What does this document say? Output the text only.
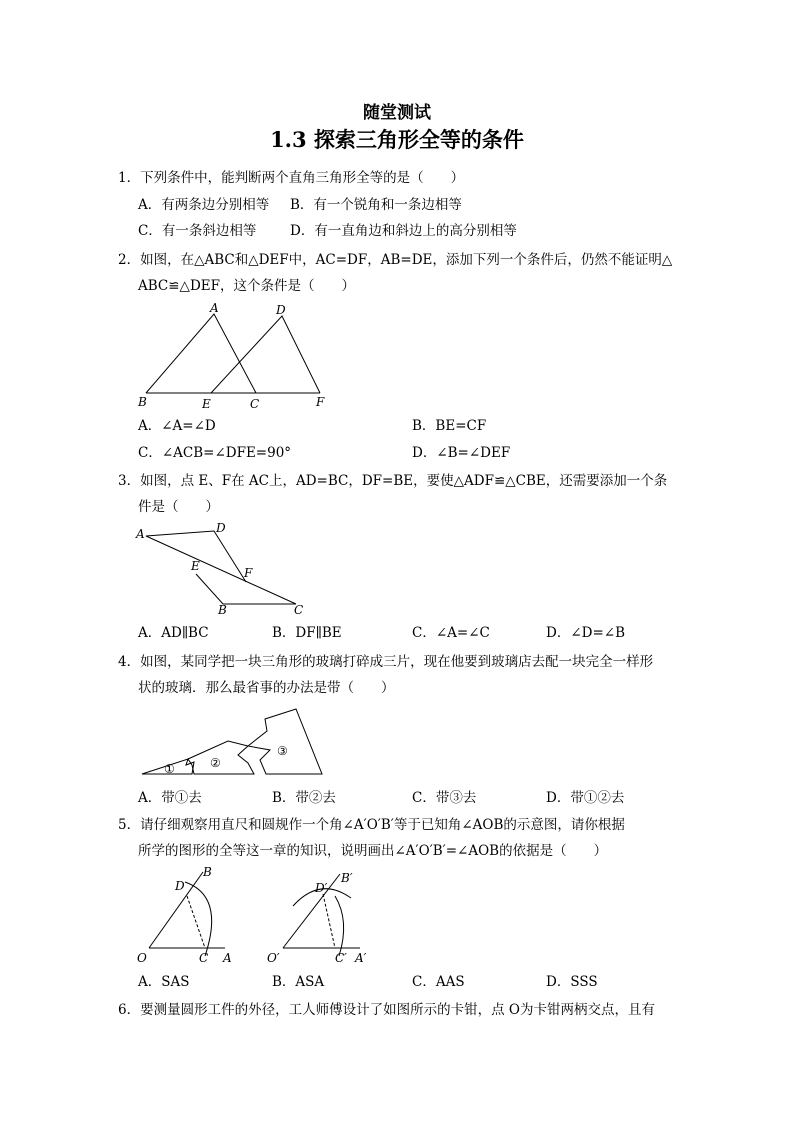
随堂测试
1.3 探索三角形全等的条件
1．下列条件中，能判断两个直角三角形全等的是（　　）
A．有两条边分别相等 B．有一个锐角和一条边相等
C．有一条斜边相等 D．有一直角边和斜边上的高分别相等
2．如图，在△ABC和△DEF中，AC=DF，AB=DE，添加下列一个条件后，仍然不能证明△
ABC≌△DEF，这个条件是（　　）
A	D
B	E	C	F
A．∠A=∠D	B．BE=CF
C．∠ACB=∠DFE=90°	D．∠B=∠DEF
3．如图，点 E、F在 AC上，AD=BC，DF=BE，要使△ADF≌△CBE，还需要添加一个条
件是（　　）
A	D
E	F
B	C
A．AD∥BC	B．DF∥BE	C．∠A=∠C	D．∠D=∠B
4．如图，某同学把一块三角形的玻璃打碎成三片，现在他要到玻璃店去配一块完全一样形
状的玻璃．那么最省事的办法是带（　　）
①	②
③
A．带①去	B．带②去	C．带③去	D．带①②去
5．请仔细观察用直尺和圆规作一个角∠A′O′B′等于已知角∠AOB的示意图，请你根据
所学的图形的全等这一章的知识，说明画出∠A′O′B′=∠AOB的依据是（　　）
B
D
O	C A
B′
D′
O′	C′ A′
A．SAS	B．ASA	C．AAS	D．SSS
6．要测量圆形工件的外径，工人师傅设计了如图所示的卡钳，点 O为卡钳两柄交点，且有
